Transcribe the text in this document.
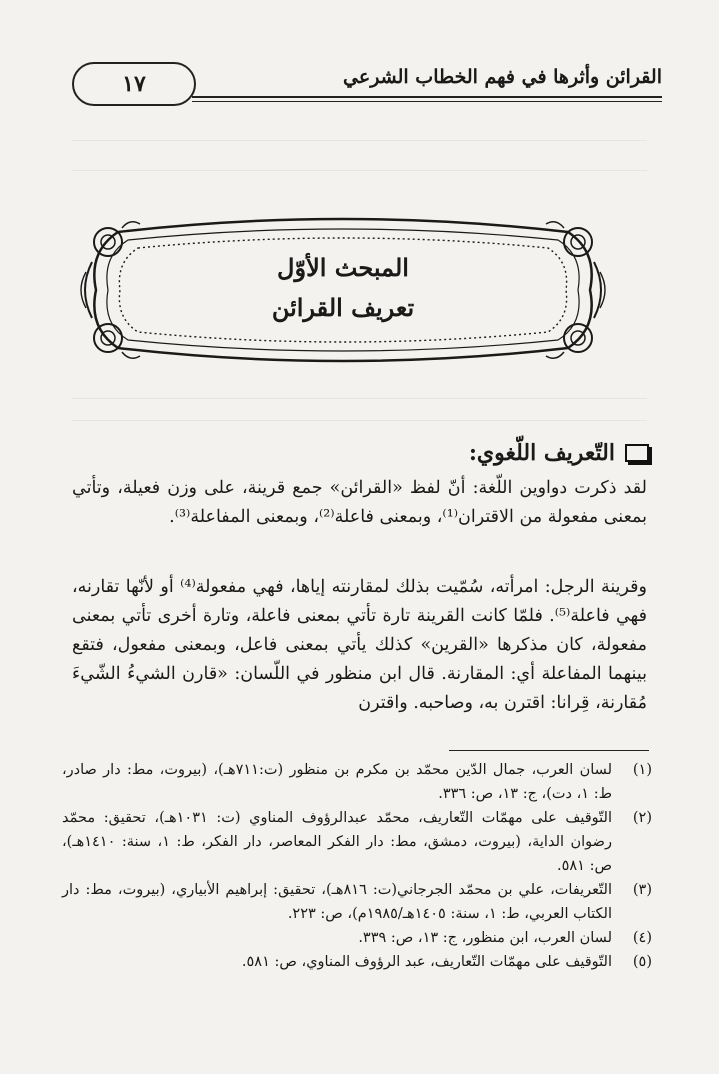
١٧	القرائن وأثرها في فهم الخطاب الشرعي
المبحث الأوّل
تعريف القرائن
التّعريف اللّغوي:
لقد ذكرت دواوين اللّغة: أنّ لفظ «القرائن» جمع قرينة، على وزن فعيلة، وتأتي بمعنى مفعولة من الاقتران⁽¹⁾، وبمعنى فاعلة⁽²⁾، وبمعنى المفاعلة⁽³⁾.
وقرينة الرجل: امرأته، سُمّيت بذلك لمقارنته إياها، فهي مفعولة⁽⁴⁾ أو لأنّها تقارنه، فهي فاعلة⁽⁵⁾. فلمّا كانت القرينة تارة تأتي بمعنى فاعلة، وتارة أخرى تأتي بمعنى مفعولة، كان مذكرها «القرين» كذلك يأتي بمعنى فاعل، وبمعنى مفعول، فتقع بينهما المفاعلة أي: المقارنة. قال ابن منظور في اللّسان: «قارن الشيءُ الشّيءَ مُقارنة، قِرانا: اقترن به، وصاحبه. واقترن
(١)
لسان العرب، جمال الدّين محمّد بن مكرم بن منظور (ت:٧١١هـ)، (بيروت، مط: دار صادر، ط: ١، دت)، ج: ١٣، ص: ٣٣٦.
(٢)
التّوقيف على مهمّات التّعاريف، محمّد عبدالرؤوف المناوي (ت: ١٠٣١هـ)، تحقيق: محمّد رضوان الداية، (بيروت، دمشق، مط: دار الفكر المعاصر، دار الفكر، ط: ١، سنة: ١٤١٠هـ)، ص: ٥٨١.
(٣)
التّعريفات، علي بن محمّد الجرجاني(ت: ٨١٦هـ)، تحقيق: إبراهيم الأبياري، (بيروت، مط: دار الكتاب العربي، ط: ١، سنة: ١٤٠٥هـ/١٩٨٥م)، ص: ٢٢٣.
(٤)
لسان العرب، ابن منظور، ج: ١٣، ص: ٣٣٩.
(٥)
التّوقيف على مهمّات التّعاريف، عبد الرؤوف المناوي، ص: ٥٨١.
